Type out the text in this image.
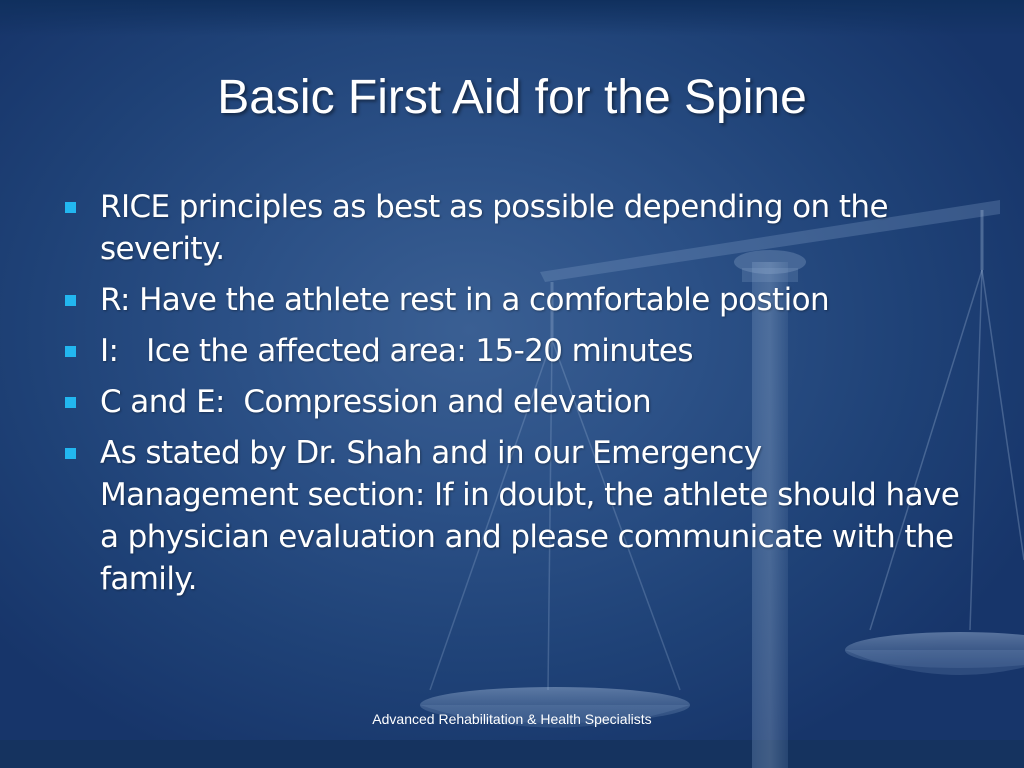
Basic First Aid for the Spine
RICE principles as best as possible depending on the severity.
R: Have the athlete rest in a comfortable postion
I:   Ice the affected area: 15-20 minutes
C and E:  Compression and elevation
As stated by Dr. Shah and in our Emergency Management section: If in doubt, the athlete should have a physician evaluation and please communicate with the family.
Advanced Rehabilitation & Health Specialists
